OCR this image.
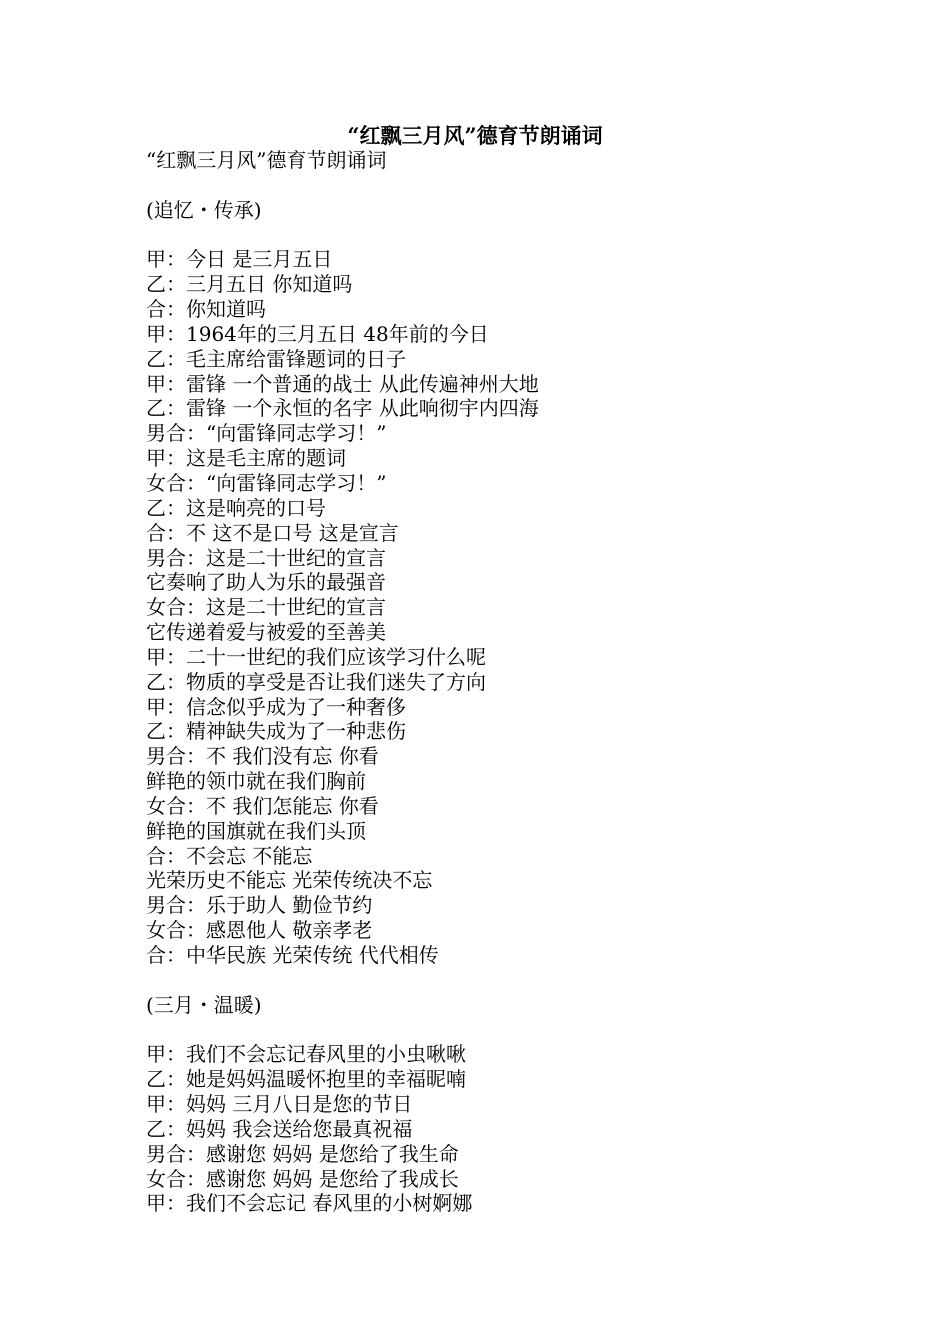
“红飘三月风”德育节朗诵词
“红飘三月风”德育节朗诵词
(追忆・传承)
甲：今日 是三月五日
乙：三月五日 你知道吗
合：你知道吗
甲：1964年的三月五日 48年前的今日
乙：毛主席给雷锋题词的日子
甲：雷锋 一个普通的战士 从此传遍神州大地
乙：雷锋 一个永恒的名字 从此响彻宇内四海
男合：“向雷锋同志学习！”
甲：这是毛主席的题词
女合：“向雷锋同志学习！”
乙：这是响亮的口号
合：不 这不是口号 这是宣言
男合：这是二十世纪的宣言
它奏响了助人为乐的最强音
女合：这是二十世纪的宣言
它传递着爱与被爱的至善美
甲：二十一世纪的我们应该学习什么呢
乙：物质的享受是否让我们迷失了方向
甲：信念似乎成为了一种奢侈
乙：精神缺失成为了一种悲伤
男合：不 我们没有忘 你看
鲜艳的领巾就在我们胸前
女合：不 我们怎能忘 你看
鲜艳的国旗就在我们头顶
合：不会忘 不能忘
光荣历史不能忘 光荣传统决不忘
男合：乐于助人 勤俭节约
女合：感恩他人 敬亲孝老
合：中华民族 光荣传统 代代相传
(三月・温暖)
甲：我们不会忘记春风里的小虫啾啾
乙：她是妈妈温暖怀抱里的幸福昵喃
甲：妈妈 三月八日是您的节日
乙：妈妈 我会送给您最真祝福
男合：感谢您 妈妈 是您给了我生命
女合：感谢您 妈妈 是您给了我成长
甲：我们不会忘记 春风里的小树婀娜
